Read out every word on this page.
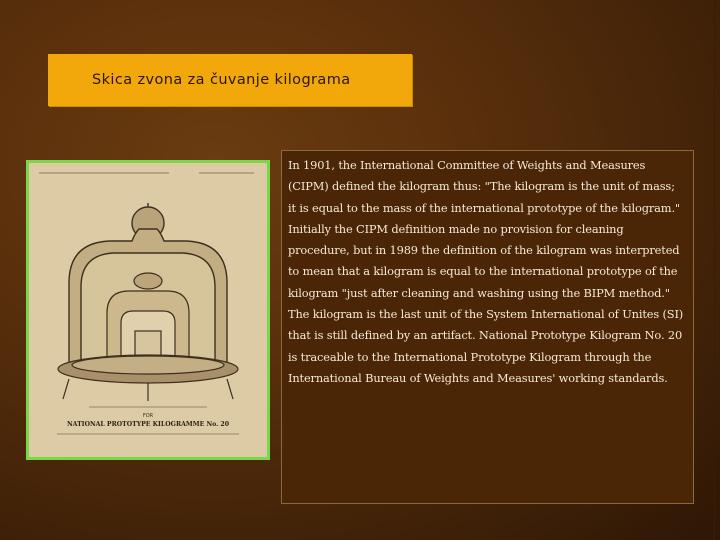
Skica zvona za čuvanje kilograma
FOR
NATIONAL PROTOTYPE KILOGRAMME No. 20

In 1901, the International Committee of Weights and Measures (CIPM) defined the kilogram thus: "The kilogram is the unit of mass; it is equal to the mass of the international prototype of the kilogram." Initially the CIPM definition made no provision for cleaning procedure, but in 1989 the definition of the kilogram was interpreted to mean that a kilogram is equal to the international prototype of the kilogram "just after cleaning and washing using the BIPM method." The kilogram is the last unit of the System International of Unites (SI) that is still defined by an artifact. National Prototype Kilogram No. 20 is traceable to the International Prototype Kilogram through the International Bureau of Weights and Measures' working standards.
